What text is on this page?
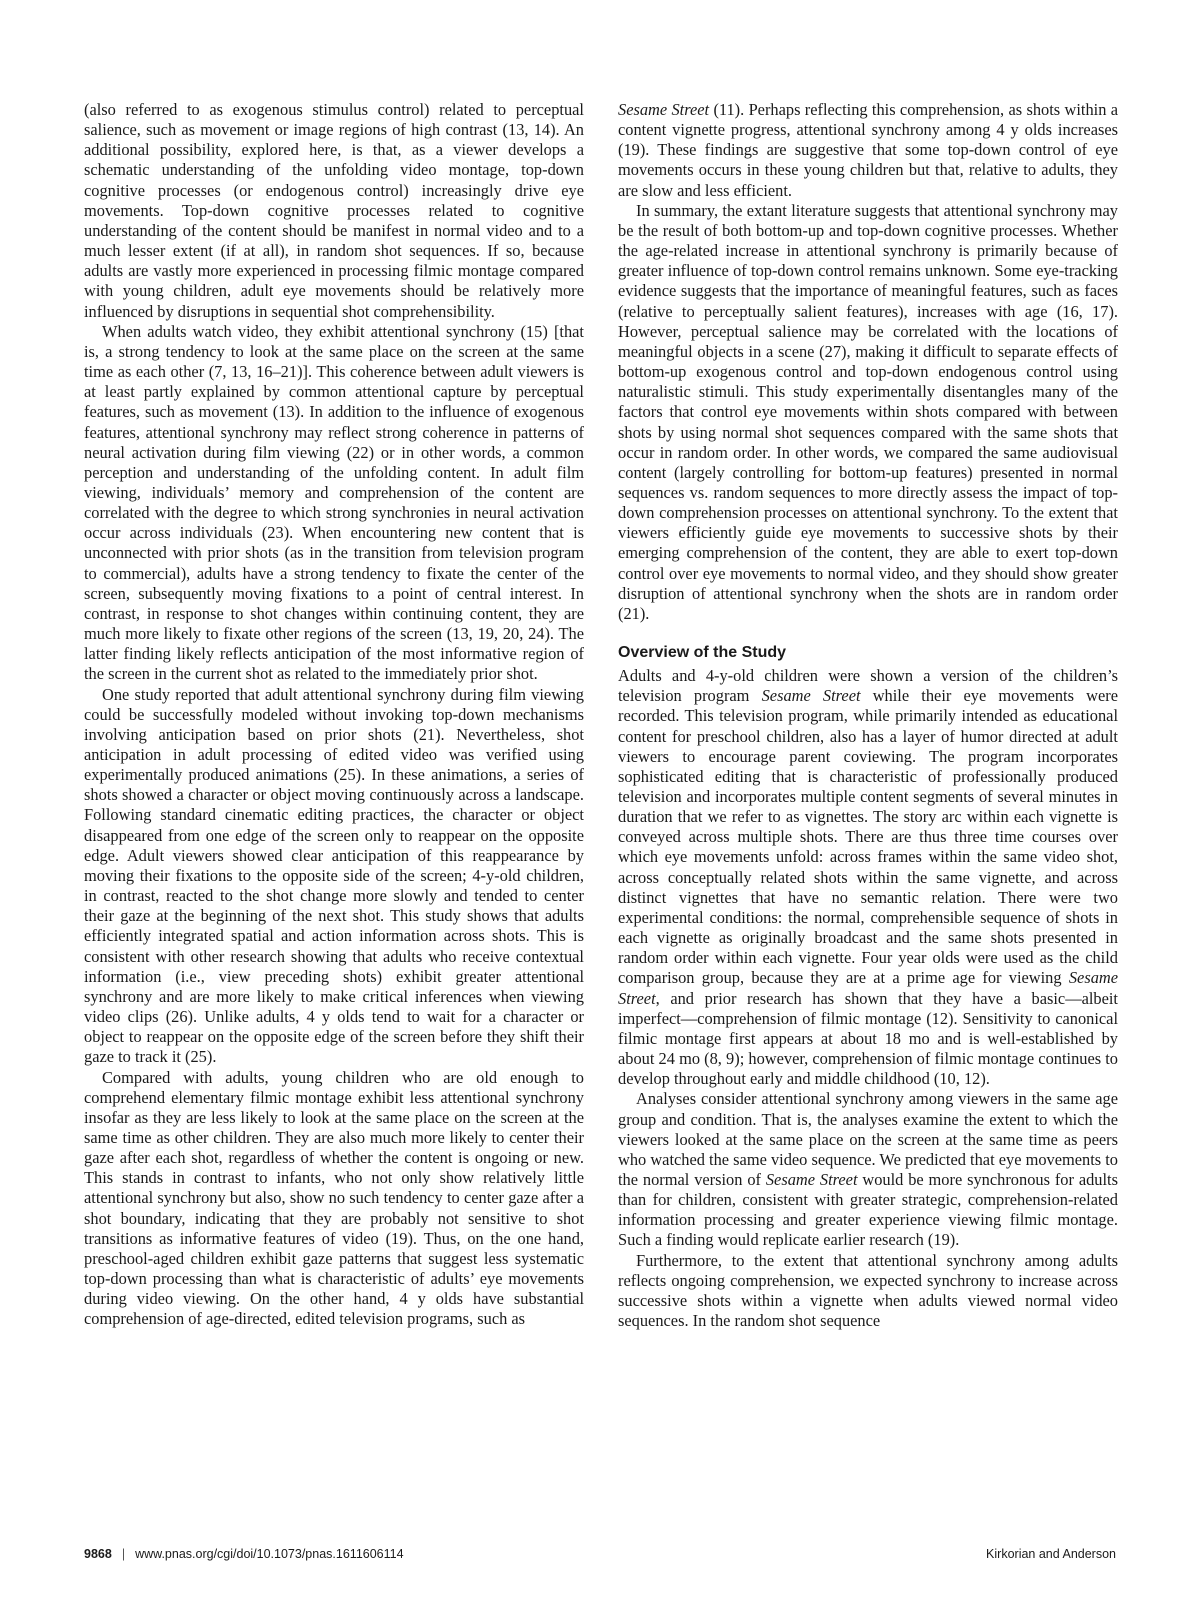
(also referred to as exogenous stimulus control) related to perceptual salience, such as movement or image regions of high contrast (13, 14). An additional possibility, explored here, is that, as a viewer develops a schematic understanding of the unfolding video montage, top-down cognitive processes (or endogenous control) increasingly drive eye movements. Top-down cognitive processes related to cognitive understanding of the content should be manifest in normal video and to a much lesser extent (if at all), in random shot sequences. If so, because adults are vastly more experienced in processing filmic montage compared with young children, adult eye movements should be relatively more influenced by disruptions in sequential shot comprehensibility.

When adults watch video, they exhibit attentional synchrony (15) [that is, a strong tendency to look at the same place on the screen at the same time as each other (7, 13, 16–21)]. This coherence between adult viewers is at least partly explained by common attentional capture by perceptual features, such as movement (13). In addition to the influence of exogenous features, attentional synchrony may reflect strong coherence in patterns of neural activation during film viewing (22) or in other words, a common perception and understanding of the unfolding content. In adult film viewing, individuals’ memory and comprehension of the content are correlated with the degree to which strong synchronies in neural activation occur across individuals (23). When encountering new content that is unconnected with prior shots (as in the transition from television program to commercial), adults have a strong tendency to fixate the center of the screen, subsequently moving fixations to a point of central interest. In contrast, in response to shot changes within continuing content, they are much more likely to fixate other regions of the screen (13, 19, 20, 24). The latter finding likely reflects anticipation of the most informative region of the screen in the current shot as related to the immediately prior shot.

One study reported that adult attentional synchrony during film viewing could be successfully modeled without invoking top-down mechanisms involving anticipation based on prior shots (21). Nevertheless, shot anticipation in adult processing of edited video was verified using experimentally produced animations (25). In these animations, a series of shots showed a character or object moving continuously across a landscape. Following standard cinematic editing practices, the character or object disappeared from one edge of the screen only to reappear on the opposite edge. Adult viewers showed clear anticipation of this reappearance by moving their fixations to the opposite side of the screen; 4-y-old children, in contrast, reacted to the shot change more slowly and tended to center their gaze at the beginning of the next shot. This study shows that adults efficiently integrated spatial and action information across shots. This is consistent with other research showing that adults who receive contextual information (i.e., view preceding shots) exhibit greater attentional synchrony and are more likely to make critical inferences when viewing video clips (26). Unlike adults, 4 y olds tend to wait for a character or object to reappear on the opposite edge of the screen before they shift their gaze to track it (25).

Compared with adults, young children who are old enough to comprehend elementary filmic montage exhibit less attentional synchrony insofar as they are less likely to look at the same place on the screen at the same time as other children. They are also much more likely to center their gaze after each shot, regardless of whether the content is ongoing or new. This stands in contrast to infants, who not only show relatively little attentional synchrony but also, show no such tendency to center gaze after a shot boundary, indicating that they are probably not sensitive to shot transitions as informative features of video (19). Thus, on the one hand, preschool-aged children exhibit gaze patterns that suggest less systematic top-down processing than what is characteristic of adults’ eye movements during video viewing. On the other hand, 4 y olds have substantial comprehension of age-directed, edited television programs, such as

Sesame Street (11). Perhaps reflecting this comprehension, as shots within a content vignette progress, attentional synchrony among 4 y olds increases (19). These findings are suggestive that some top-down control of eye movements occurs in these young children but that, relative to adults, they are slow and less efficient.

In summary, the extant literature suggests that attentional synchrony may be the result of both bottom-up and top-down cognitive processes. Whether the age-related increase in attentional synchrony is primarily because of greater influence of top-down control remains unknown. Some eye-tracking evidence suggests that the importance of meaningful features, such as faces (relative to perceptually salient features), increases with age (16, 17). However, perceptual salience may be correlated with the locations of meaningful objects in a scene (27), making it difficult to separate effects of bottom-up exogenous control and top-down endogenous control using naturalistic stimuli. This study experimentally disentangles many of the factors that control eye movements within shots compared with between shots by using normal shot sequences compared with the same shots that occur in random order. In other words, we compared the same audiovisual content (largely controlling for bottom-up features) presented in normal sequences vs. random sequences to more directly assess the impact of top-down comprehension processes on attentional synchrony. To the extent that viewers efficiently guide eye movements to successive shots by their emerging comprehension of the content, they are able to exert top-down control over eye movements to normal video, and they should show greater disruption of attentional synchrony when the shots are in random order (21).

Overview of the Study

Adults and 4-y-old children were shown a version of the children’s television program Sesame Street while their eye movements were recorded. This television program, while primarily intended as educational content for preschool children, also has a layer of humor directed at adult viewers to encourage parent coviewing. The program incorporates sophisticated editing that is characteristic of professionally produced television and incorporates multiple content segments of several minutes in duration that we refer to as vignettes. The story arc within each vignette is conveyed across multiple shots. There are thus three time courses over which eye movements unfold: across frames within the same video shot, across conceptually related shots within the same vignette, and across distinct vignettes that have no semantic relation. There were two experimental conditions: the normal, comprehensible sequence of shots in each vignette as originally broadcast and the same shots presented in random order within each vignette. Four year olds were used as the child comparison group, because they are at a prime age for viewing Sesame Street, and prior research has shown that they have a basic—albeit imperfect—comprehension of filmic montage (12). Sensitivity to canonical filmic montage first appears at about 18 mo and is well-established by about 24 mo (8, 9); however, comprehension of filmic montage continues to develop throughout early and middle childhood (10, 12).

Analyses consider attentional synchrony among viewers in the same age group and condition. That is, the analyses examine the extent to which the viewers looked at the same place on the screen at the same time as peers who watched the same video sequence. We predicted that eye movements to the normal version of Sesame Street would be more synchronous for adults than for children, consistent with greater strategic, comprehension-related information processing and greater experience viewing filmic montage. Such a finding would replicate earlier research (19).

Furthermore, to the extent that attentional synchrony among adults reflects ongoing comprehension, we expected synchrony to increase across successive shots within a vignette when adults viewed normal video sequences. In the random shot sequence

9868 | www.pnas.org/cgi/doi/10.1073/pnas.1611606114	Kirkorian and Anderson
